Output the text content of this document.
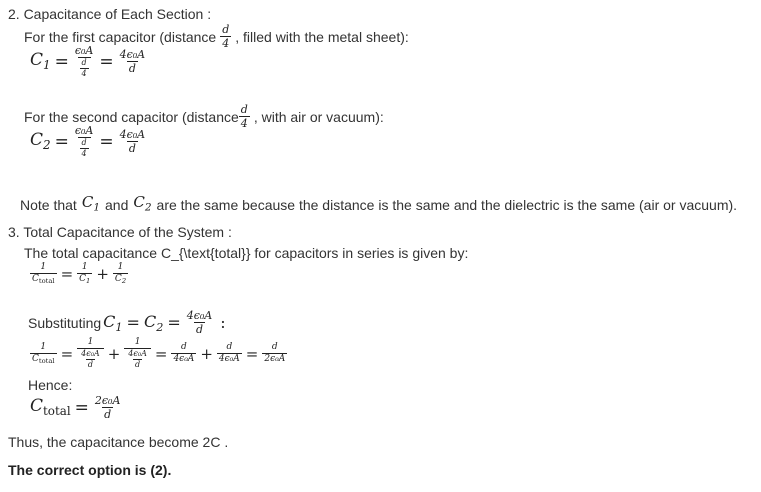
2. Capacitance of Each Section :
For the first capacitor (distance $\frac{d}{4}$ , filled with the metal sheet):
$C_1 = \frac{\text{ϵ₀A}}{\frac{d}{4}} = \frac{\text{4ϵ₀A}}{d}$
For the second capacitor (distance $\frac{d}{4}$ , with air or vacuum):
$C_2 = \frac{\text{ϵ₀A}}{\frac{d}{4}} = \frac{\text{4ϵ₀A}}{d}$
Note that $C_1$ and $C_2$ are the same because the distance is the same and the dielectric is the same (air or vacuum).
3. Total Capacitance of the System :
The total capacitance C_{\text{total}} for capacitors in series is given by:
$\frac{1}{C_{total}} = \frac{1}{C_1} + \frac{1}{C_2}$
Substituting $C_1 = C_2 = \frac{\text{4ϵ₀A}}{d}$ :
$\frac{1}{C_{total}} = \frac{1}{\frac{\text{4ϵ₀A}}{d}} + \frac{1}{\frac{\text{4ϵ₀A}}{d}} = \frac{d}{\text{4ϵ₀A}} + \frac{d}{\text{4ϵ₀A}} = \frac{d}{\text{2ϵ₀A}}$
Hence:
$C_{total} = \frac{\text{2ϵ₀A}}{d}$
Thus, the capacitance become 2C .
The correct option is (2).
